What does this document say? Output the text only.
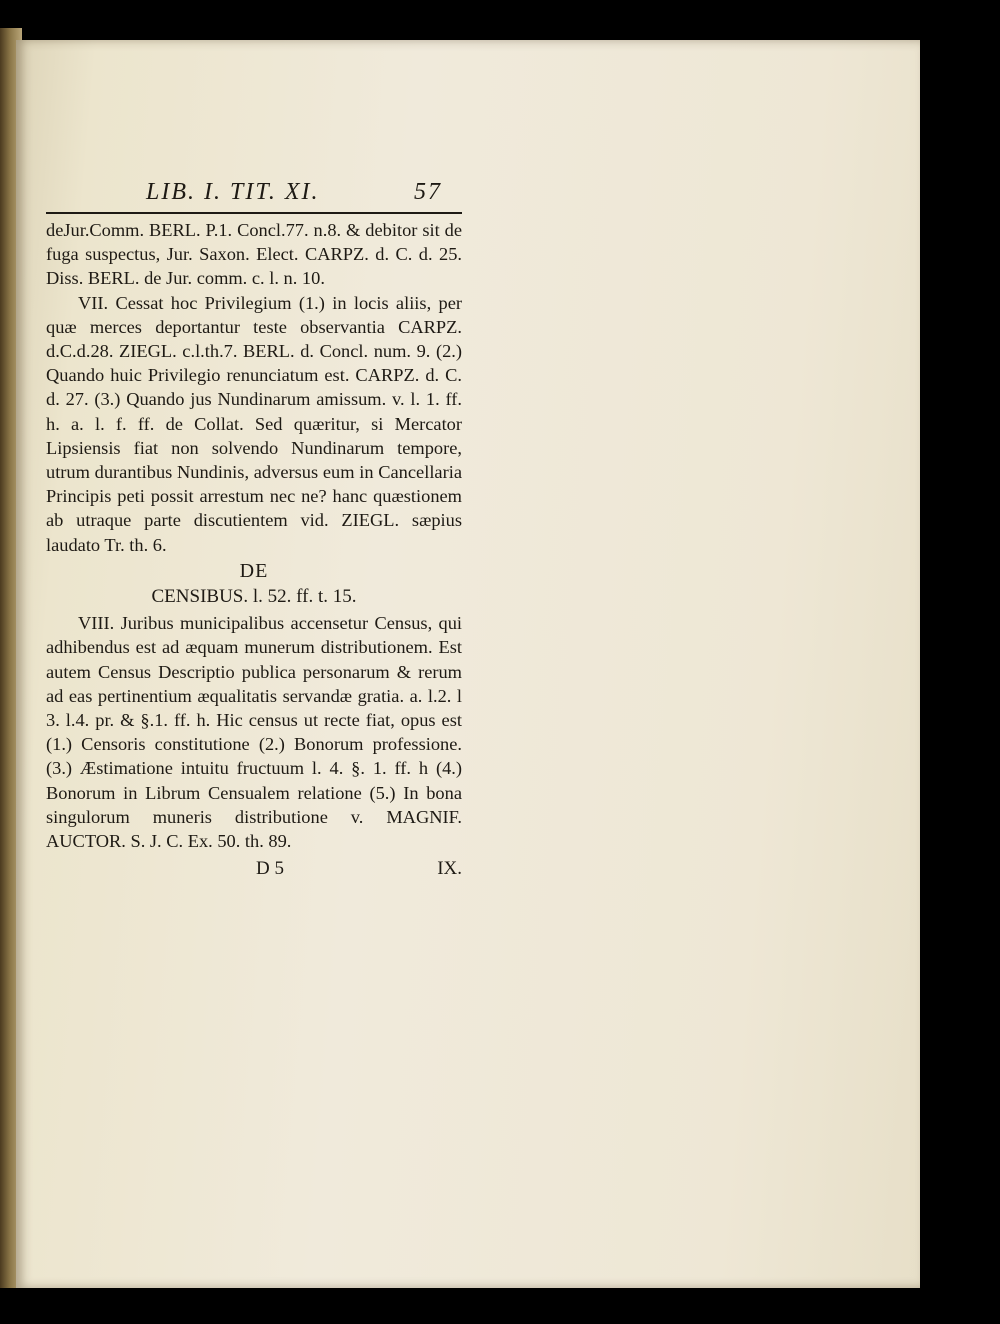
LIB. I. TIT. XI.	57

deJur.Comm. BERL. P.1. Concl.77. n.8. & debitor sit de fuga suspectus, Jur. Saxon. Elect. CARPZ. d. C. d. 25. Diss. BERL. de Jur. comm. c. l. n. 10.

VII. Cessat hoc Privilegium (1.) in locis aliis, per quæ merces deportantur teste observantia CARPZ. d.C.d.28. ZIEGL. c.l.th.7. BERL. d. Concl. num. 9. (2.) Quando huic Privilegio renunciatum est. CARPZ. d. C. d. 27. (3.) Quando jus Nundinarum amissum. v. l. 1. ff. h. a. l. f. ff. de Collat. Sed quæritur, si Mercator Lipsiensis fiat non solvendo Nundinarum tempore, utrum durantibus Nundinis, adversus eum in Cancellaria Principis peti possit arrestum nec ne? hanc quæstionem ab utraque parte discutientem vid. ZIEGL. sæpius laudato Tr. th. 6.

DE
CENSIBUS. l. 52. ff. t. 15.

VIII. Juribus municipalibus accensetur Census, qui adhibendus est ad æquam munerum distributionem. Est autem Census Descriptio publica personarum & rerum ad eas pertinentium æqualitatis servandæ gratia. a. l.2. l 3. l.4. pr. & §.1. ff. h. Hic census ut recte fiat, opus est (1.) Censoris constitutione (2.) Bonorum professione. (3.) Æstimatione intuitu fructuum l. 4. §. 1. ff. h (4.) Bonorum in Librum Censualem relatione (5.) In bona singulorum muneris distributione v. MAGNIF. AUCTOR. S. J. C. Ex. 50. th. 89.

D 5	IX.
